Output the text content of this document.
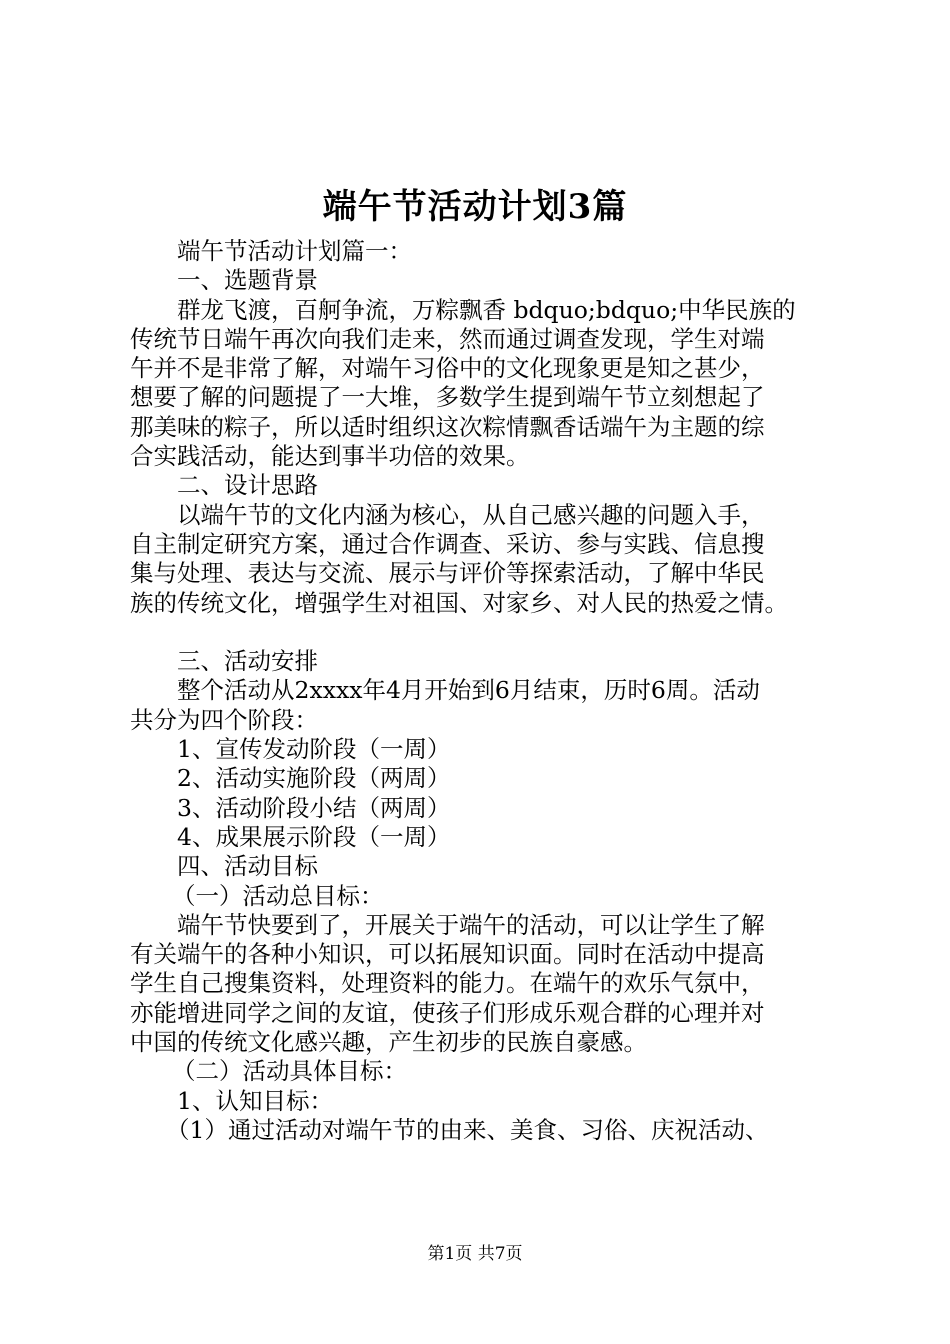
端午节活动计划3篇
端午节活动计划篇一：
一、选题背景
群龙飞渡，百舸争流，万粽飘香 bdquo;bdquo;中华民族的
传统节日端午再次向我们走来，然而通过调查发现，学生对端
午并不是非常了解，对端午习俗中的文化现象更是知之甚少，
想要了解的问题提了一大堆，多数学生提到端午节立刻想起了
那美味的粽子，所以适时组织这次粽情飘香话端午为主题的综
合实践活动，能达到事半功倍的效果。
二、设计思路
以端午节的文化内涵为核心，从自己感兴趣的问题入手，
自主制定研究方案，通过合作调查、采访、参与实践、信息搜
集与处理、表达与交流、展示与评价等探索活动，了解中华民
族的传统文化，增强学生对祖国、对家乡、对人民的热爱之情。
三、活动安排
整个活动从2xxxx年4月开始到6月结束，历时6周。活动
共分为四个阶段：
1、宣传发动阶段（一周）
2、活动实施阶段（两周）
3、活动阶段小结（两周）
4、成果展示阶段（一周）
四、活动目标
（一）活动总目标：
端午节快要到了，开展关于端午的活动，可以让学生了解
有关端午的各种小知识，可以拓展知识面。同时在活动中提高
学生自己搜集资料，处理资料的能力。在端午的欢乐气氛中，
亦能增进同学之间的友谊，使孩子们形成乐观合群的心理并对
中国的传统文化感兴趣，产生初步的民族自豪感。
（二）活动具体目标：
1、认知目标：
（1）通过活动对端午节的由来、美食、习俗、庆祝活动、
第1页 共7页
